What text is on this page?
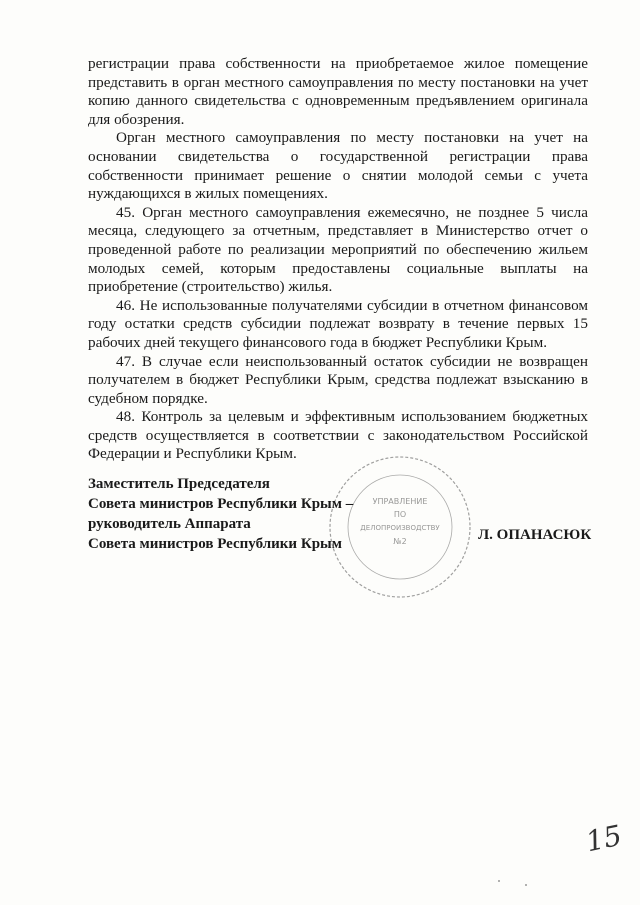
регистрации права собственности на приобретаемое жилое помещение представить в орган местного самоуправления по месту постановки на учет копию данного свидетельства с одновременным предъявлением оригинала для обозрения.

Орган местного самоуправления по месту постановки на учет на основании свидетельства о государственной регистрации права собственности принимает решение о снятии молодой семьи с учета нуждающихся в жилых помещениях.

45. Орган местного самоуправления ежемесячно, не позднее 5 числа месяца, следующего за отчетным, представляет в Министерство отчет о проведенной работе по реализации мероприятий по обеспечению жильем молодых семей, которым предоставлены социальные выплаты на приобретение (строительство) жилья.

46. Не использованные получателями субсидии в отчетном финансовом году остатки средств субсидии подлежат возврату в течение первых 15 рабочих дней текущего финансового года в бюджет Республики Крым.

47. В случае если неиспользованный остаток субсидии не возвращен получателем в бюджет Республики Крым, средства подлежат взысканию в судебном порядке.

48. Контроль за целевым и эффективным использованием бюджетных средств осуществляется в соответствии с законодательством Российской Федерации и Республики Крым.

УПРАВЛЕНИЕ
ПО
ДЕЛОПРОИЗВОДСТВУ
№2
Заместитель Председателя
Совета министров Республики Крым –
руководитель Аппарата
Совета министров Республики Крым
Л. ОПАНАСЮК
15
